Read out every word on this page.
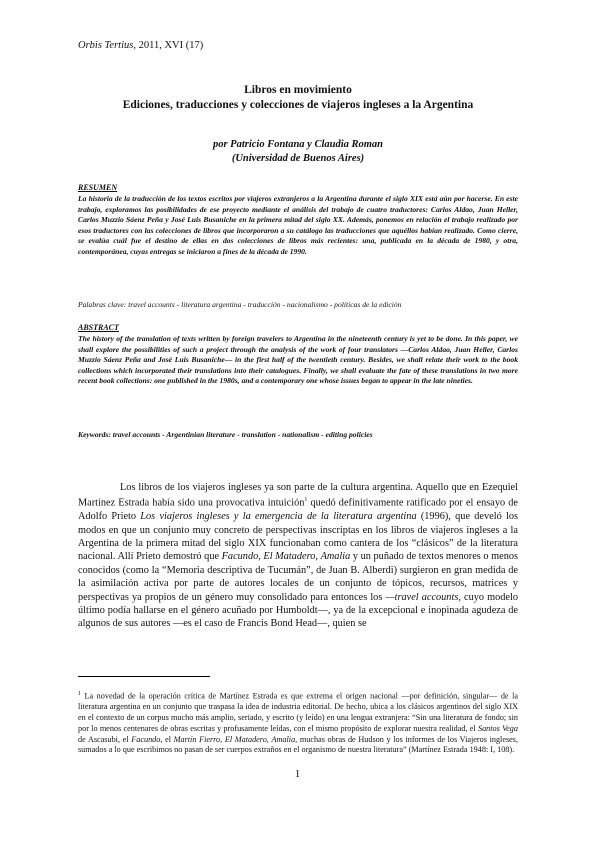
Orbis Tertius, 2011, XVI (17)
Libros en movimiento
Ediciones, traducciones y colecciones de viajeros ingleses a la Argentina
por Patricio Fontana y Claudia Roman
(Universidad de Buenos Aires)
RESUMEN
La historia de la traducción de los textos escritos por viajeros extranjeros a la Argentina durante el siglo XIX está aún por hacerse. En este trabajo, exploramos las posibilidades de ese proyecto mediante el análisis del trabajo de cuatro traductores: Carlos Aldao, Juan Heller, Carlos Muzzio Sáenz Peña y José Luis Busaniche en la primera mitad del siglo XX. Además, ponemos en relación el trabajo realizado por esos traductores con las colecciones de libros que incorporaron a su catálogo las traducciones que aquéllos habían realizado. Como cierre, se evalúa cuál fue el destino de ellas en dos colecciones de libros más recientes: una, publicada en la década de 1980, y otra, contemporánea, cuyas entregas se iniciaron a fines de la década de 1990.
Palabras clave: travel accounts - literatura argentina - traducción - nacionalismo - políticas de la edición
ABSTRACT
The history of the translation of texts written by foreign travelers to Argentina in the nineteenth century is yet to be done. In this paper, we shall explore the possibilities of such a project through the analysis of the work of four translators —Carlos Aldao, Juan Heller, Carlos Muzzio Sáenz Peña and José Luis Busaniche— in the first half of the twentieth century. Besides, we shall relate their work to the book collections which incorporated their translations into their catalogues. Finally, we shall evaluate the fate of these translations in two more recent book collections: one published in the 1980s, and a contemporary one whose issues began to appear in the late nineties.
Keywords: travel accounts - Argentinian literature - translation - nationalism - editing policies
Los libros de los viajeros ingleses ya son parte de la cultura argentina. Aquello que en Ezequiel Martínez Estrada había sido una provocativa intuición$^1$ quedó definitivamente ratificado por el ensayo de Adolfo Prieto Los viajeros ingleses y la emergencia de la literatura argentina (1996), que develó los modos en que un conjunto muy concreto de perspectivas inscriptas en los libros de viajeros ingleses a la Argentina de la primera mitad del siglo XIX funcionaban como cantera de los “clásicos” de la literatura nacional. Allí Prieto demostró que Facundo, El Matadero, Amalia y un puñado de textos menores o menos conocidos (como la “Memoria descriptiva de Tucumán”, de Juan B. Alberdi) surgieron en gran medida de la asimilación activa por parte de autores locales de un conjunto de tópicos, recursos, matrices y perspectivas ya propios de un género muy consolidado para entonces los —travel accounts, cuyo modelo último podía hallarse en el género acuñado por Humboldt—, ya de la excepcional e inopinada agudeza de algunos de sus autores —es el caso de Francis Bond Head—, quien se
$^1$ La novedad de la operación crítica de Martínez Estrada es que extrema el origen nacional —por definición, singular— de la literatura argentina en un conjunto que traspasa la idea de industria editorial. De hecho, ubica a los clásicos argentinos del siglo XIX en el contexto de un corpus mucho más amplio, seriado, y escrito (y leído) en una lengua extranjera: “Sin una literatura de fondo; sin por lo menos centenares de obras escritas y profusamente leídas, con el mismo propósito de explorar nuestra realidad, el Santos Vega de Ascasubi, el Facundo, el Martín Fierro, El Matadero, Amalia, muchas obras de Hudson y los informes de los Viajeros ingleses, sumados a lo que escribimos no pasan de ser cuerpos extraños en el organismo de nuestra literatura” (Martínez Estrada 1948: I, 108).
1
